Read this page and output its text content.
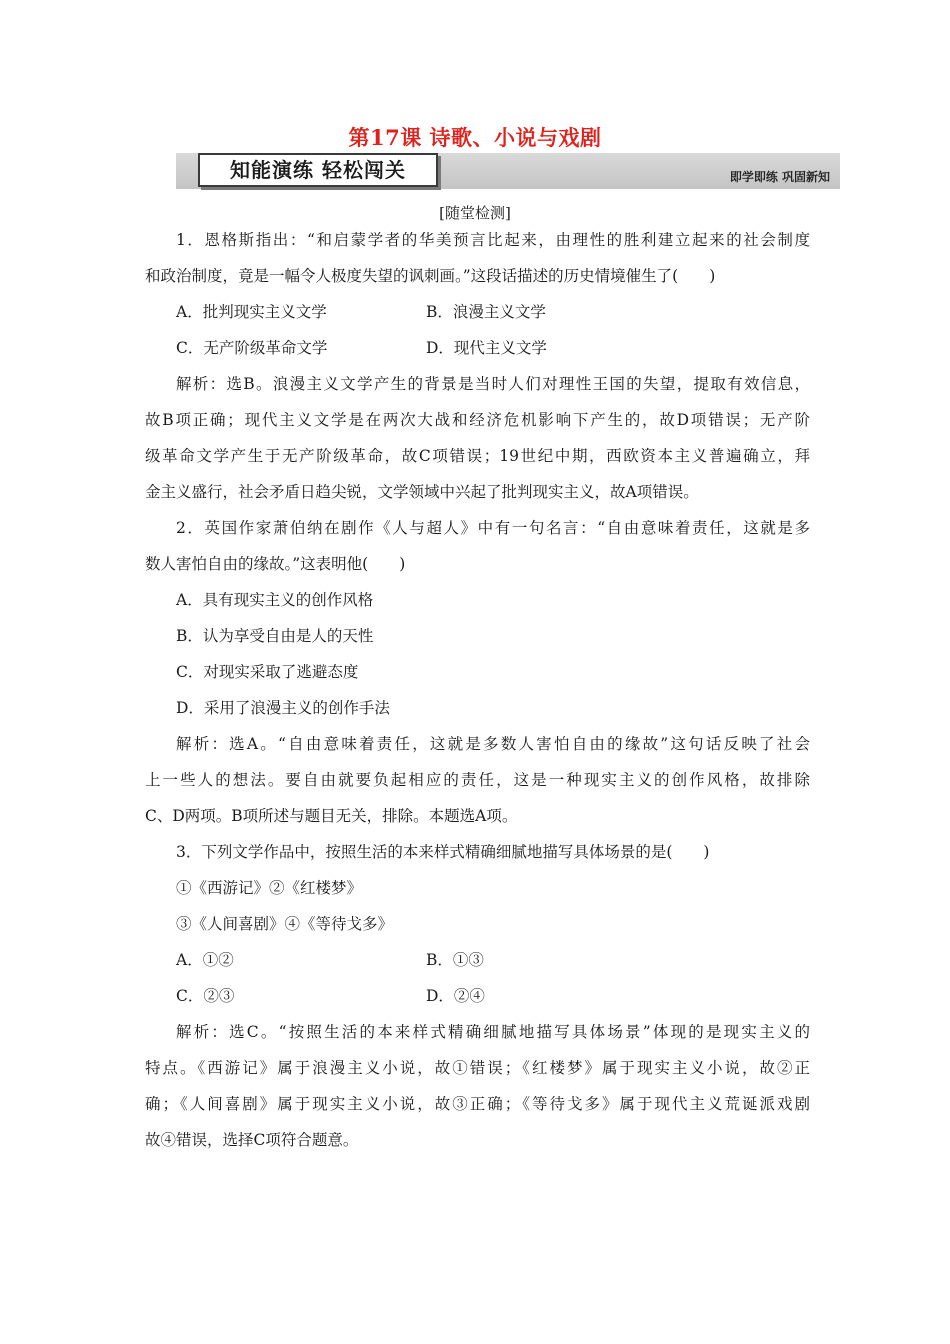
第17课 诗歌、小说与戏剧
知能演练 轻松闯关	即学即练 巩固新知
[随堂检测]
1．恩格斯指出：“和启蒙学者的华美预言比起来，由理性的胜利建立起来的社会制度
和政治制度，竟是一幅令人极度失望的讽刺画。”这段话描述的历史情境催生了(　　)
A．批判现实主义文学	B．浪漫主义文学
C．无产阶级革命文学	D．现代主义文学
解析：选B。浪漫主义文学产生的背景是当时人们对理性王国的失望，提取有效信息，
故B项正确；现代主义文学是在两次大战和经济危机影响下产生的，故D项错误；无产阶
级革命文学产生于无产阶级革命，故C项错误；19世纪中期，西欧资本主义普遍确立，拜
金主义盛行，社会矛盾日趋尖锐，文学领域中兴起了批判现实主义，故A项错误。
2．英国作家萧伯纳在剧作《人与超人》中有一句名言：“自由意味着责任，这就是多
数人害怕自由的缘故。”这表明他(　　)
A．具有现实主义的创作风格
B．认为享受自由是人的天性
C．对现实采取了逃避态度
D．采用了浪漫主义的创作手法
解析：选A。“自由意味着责任，这就是多数人害怕自由的缘故”这句话反映了社会
上一些人的想法。要自由就要负起相应的责任，这是一种现实主义的创作风格，故排除
C、D两项。B项所述与题目无关，排除。本题选A项。
3．下列文学作品中，按照生活的本来样式精确细腻地描写具体场景的是(　　)
①《西游记》②《红楼梦》
③《人间喜剧》④《等待戈多》
A．①②	B．①③
C．②③	D．②④
解析：选C。“按照生活的本来样式精确细腻地描写具体场景”体现的是现实主义的
特点。《西游记》属于浪漫主义小说，故①错误；《红楼梦》属于现实主义小说，故②正
确；《人间喜剧》属于现实主义小说，故③正确；《等待戈多》属于现代主义荒诞派戏剧
故④错误，选择C项符合题意。
